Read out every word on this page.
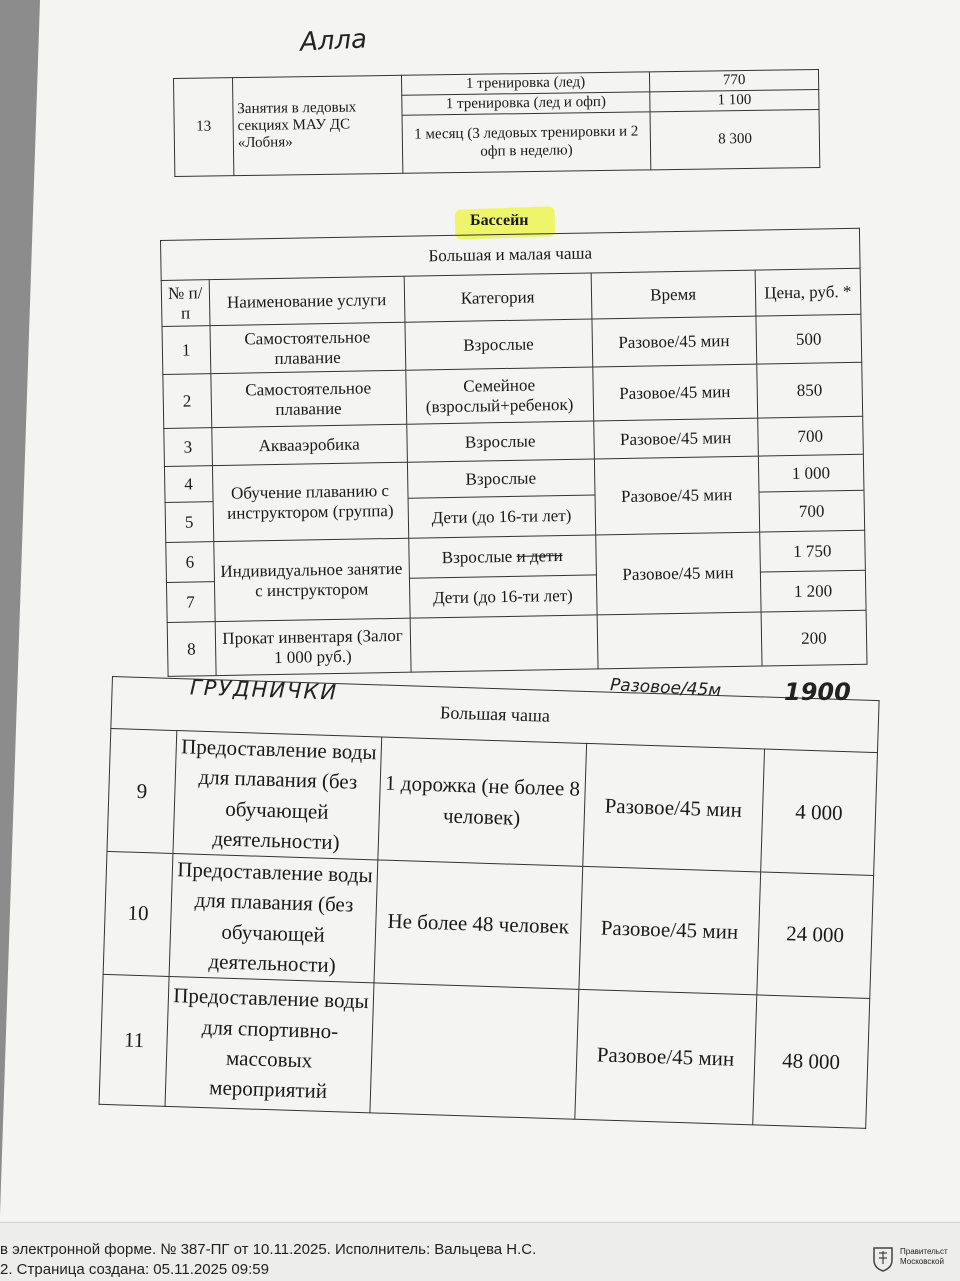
Алла
13	Занятия в ледовых секциях МАУ ДС «Лобня»	1 тренировка (лед)	770
		1 тренировка (лед и офп)	1 100
		1 месяц (3 ледовых тренировки и 2 офп в неделю)	8 300
Бассейн
Большая и малая чаша				
№ п/п	Наименование услуги	Категория	Время	Цена, руб. *
1	Самостоятельное плавание	Взрослые	Разовое/45 мин	500
2	Самостоятельное плавание	Семейное (взрослый+ребенок)	Разовое/45 мин	850
3	Аквааэробика	Взрослые	Разовое/45 мин	700
4	Обучение плаванию с инструктором (группа)	Взрослые	Разовое/45 мин	1 000
5		Дети (до 16-ти лет)		700
6	Индивидуальное занятие с инструктором	Взрослые и дети	Разовое/45 мин	1 750
7		Дети (до 16-ти лет)		1 200
8	Прокат инвентаря (Залог 1 000 руб.)			200
Большая чаша				
9	Предоставление воды для плавания (без обучающей деятельности)	1 дорожка (не более 8 человек)	Разовое/45 мин	4 000
10	Предоставление воды для плавания (без обучающей деятельности)	Не более 48 человек	Разовое/45 мин	24 000
11	Предоставление воды для спортивно-массовых мероприятий		Разовое/45 мин	48 000
ГРУДНИЧКИ	Разовое/45м	1900
в электронной форме. № 387-ПГ от 10.11.2025. Исполнитель: Вальцева Н.С.
2. Страница создана: 05.11.2025 09:59
Правительст
Московской
